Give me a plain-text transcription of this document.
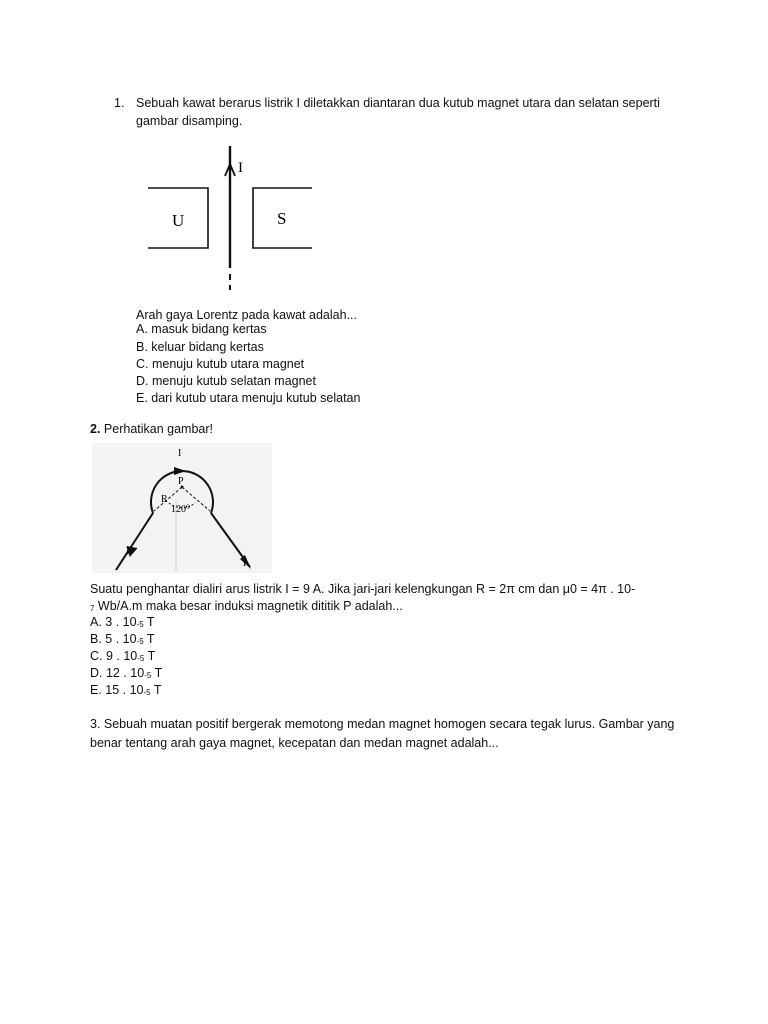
1. Sebuah kawat berarus listrik I diletakkan diantaran dua kutub magnet utara dan selatan seperti
gambar disamping.
I
U	S
Arah gaya Lorentz pada kawat adalah...
A. masuk bidang kertas
B. keluar bidang kertas
C. menuju kutub utara magnet
D. menuju kutub selatan magnet
E. dari kutub utara menuju kutub selatan
2. Perhatikan gambar!
I
P
R
120⁰
I
I
Suatu penghantar dialiri arus listrik I = 9 A. Jika jari-jari kelengkungan R = 2π cm dan μ0 = 4π . 10-
$_7$ Wb/A.m maka besar induksi magnetik dititik P adalah...
A. 3 . $10_{-5}$ T
B. 5 . $10_{-5}$ T
C. 9 . $10_{-5}$ T
D. 12 . $10_{-5}$ T
E. 15 . $10_{-5}$ T
3. Sebuah muatan positif bergerak memotong medan magnet homogen secara tegak lurus. Gambar yang
benar tentang arah gaya magnet, kecepatan dan medan magnet adalah...
